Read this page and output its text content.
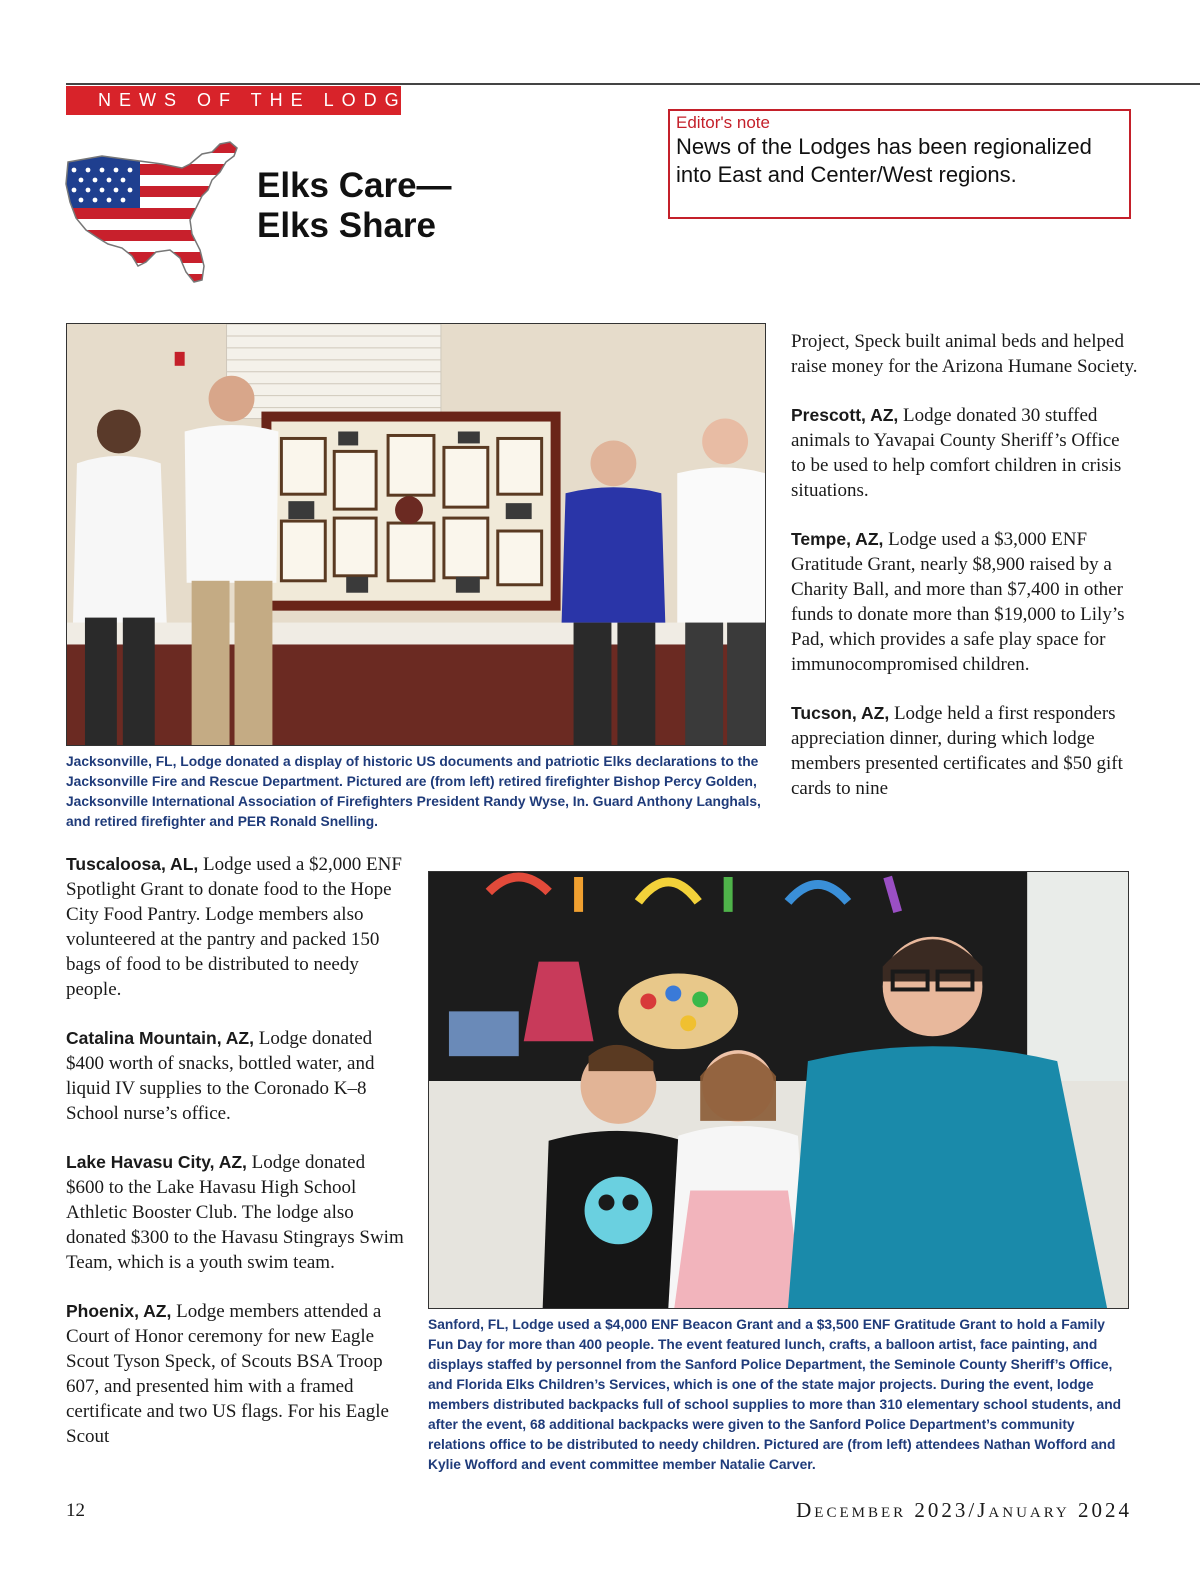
NEWS OF THE LODGES
Elks Care—
Elks Share
Editor's note
News of the Lodges has been regionalized into East and Center/West regions.
Jacksonville, FL, Lodge donated a display of historic US documents and patriotic Elks declarations to the Jacksonville Fire and Rescue Department. Pictured are (from left) retired firefighter Bishop Percy Golden, Jacksonville International Association of Firefighters President Randy Wyse, In. Guard Anthony Langhals, and retired firefighter and PER Ronald Snelling.

Project, Speck built animal beds and helped raise money for the Arizona Humane Society.

Prescott, AZ, Lodge donated 30 stuffed animals to Yavapai County Sheriff’s Office to be used to help comfort children in crisis situations.

Tempe, AZ, Lodge used a $3,000 ENF Gratitude Grant, nearly $8,900 raised by a Charity Ball, and more than $7,400 in other funds to donate more than $19,000 to Lily’s Pad, which provides a safe play space for immunocompromised children.

Tucson, AZ, Lodge held a first responders appreciation dinner, during which lodge members presented certificates and $50 gift cards to nine

Tuscaloosa, AL, Lodge used a $2,000 ENF Spotlight Grant to donate food to the Hope City Food Pantry. Lodge members also volunteered at the pantry and packed 150 bags of food to be distributed to needy people.

Catalina Mountain, AZ, Lodge donated $400 worth of snacks, bottled water, and liquid IV supplies to the Coronado K–8 School nurse’s office.

Lake Havasu City, AZ, Lodge donated $600 to the Lake Havasu High School Athletic Booster Club. The lodge also donated $300 to the Havasu Stingrays Swim Team, which is a youth swim team.

Phoenix, AZ, Lodge members attended a Court of Honor ceremony for new Eagle Scout Tyson Speck, of Scouts BSA Troop 607, and presented him with a framed certificate and two US flags. For his Eagle Scout

Sanford, FL, Lodge used a $4,000 ENF Beacon Grant and a $3,500 ENF Gratitude Grant to hold a Family Fun Day for more than 400 people. The event featured lunch, crafts, a balloon artist, face painting, and displays staffed by personnel from the Sanford Police Department, the Seminole County Sheriff’s Office, and Florida Elks Children’s Services, which is one of the state major projects. During the event, lodge members distributed backpacks full of school supplies to more than 310 elementary school students, and after the event, 68 additional backpacks were given to the Sanford Police Department’s community relations office to be distributed to needy children. Pictured are (from left) attendees Nathan Wofford and Kylie Wofford and event committee member Natalie Carver.
12	December 2023/January 2024
